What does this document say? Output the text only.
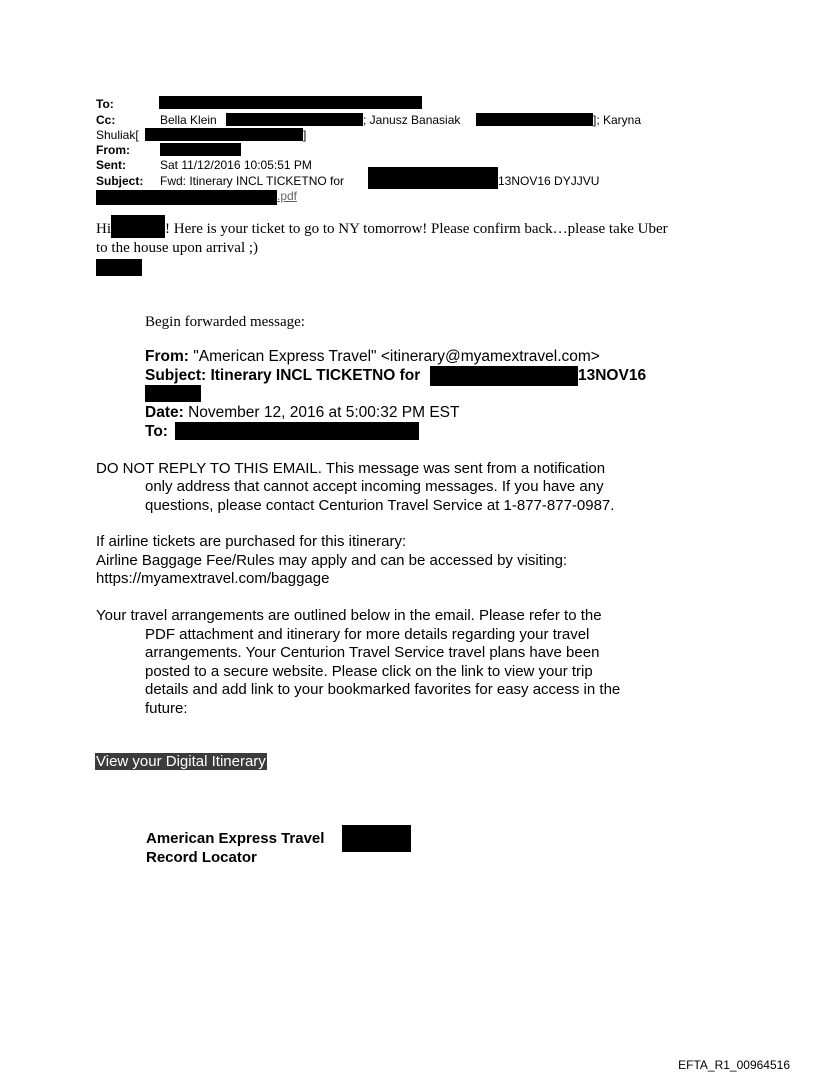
To:
Cc:	Bella Klein	; Janusz Banasiak	]; Karyna
Shuliak[	]
From:
Sent:	Sat 11/12/2016 10:05:51 PM
Subject: Fwd: Itinerary INCL TICKETNO for	13NOV16 DYJJVU
.pdf
Hi	! Here is your ticket to go to NY tomorrow! Please confirm back…please take Uber
to the house upon arrival ;)
Begin forwarded message:
From: "American Express Travel" <itinerary@myamextravel.com>
Subject: Itinerary INCL TICKETNO for	13NOV16
Date: November 12, 2016 at 5:00:32 PM EST
To:
DO NOT REPLY TO THIS EMAIL. This message was sent from a notification
only address that cannot accept incoming messages. If you have any
questions, please contact Centurion Travel Service at 1-877-877-0987.
If airline tickets are purchased for this itinerary:
Airline Baggage Fee/Rules may apply and can be accessed by visiting:
https://myamextravel.com/baggage
Your travel arrangements are outlined below in the email. Please refer to the
PDF attachment and itinerary for more details regarding your travel
arrangements. Your Centurion Travel Service travel plans have been
posted to a secure website. Please click on the link to view your trip
details and add link to your bookmarked favorites for easy access in the
future:
View your Digital Itinerary
American Express Travel
Record Locator
EFTA_R1_00964516
